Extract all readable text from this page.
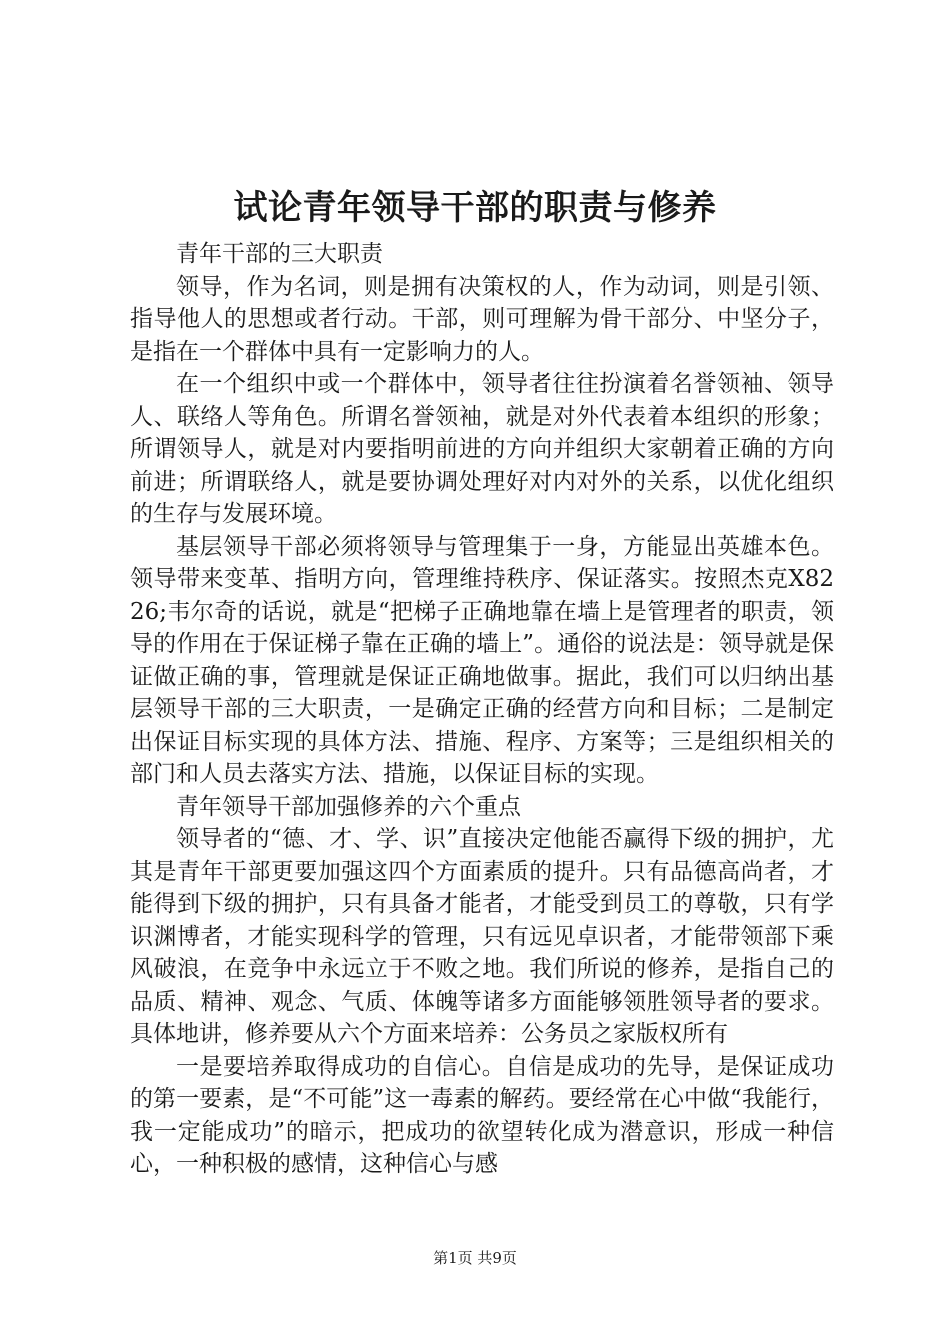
试论青年领导干部的职责与修养

青年干部的三大职责

领导，作为名词，则是拥有决策权的人，作为动词，则是引领、指导他人的思想或者行动。干部，则可理解为骨干部分、中坚分子，是指在一个群体中具有一定影响力的人。

在一个组织中或一个群体中，领导者往往扮演着名誉领袖、领导人、联络人等角色。所谓名誉领袖，就是对外代表着本组织的形象；所谓领导人，就是对内要指明前进的方向并组织大家朝着正确的方向前进；所谓联络人，就是要协调处理好对内对外的关系，以优化组织的生存与发展环境。

基层领导干部必须将领导与管理集于一身，方能显出英雄本色。领导带来变革、指明方向，管理维持秩序、保证落实。按照杰克X8226;韦尔奇的话说，就是“把梯子正确地靠在墙上是管理者的职责，领导的作用在于保证梯子靠在正确的墙上”。通俗的说法是：领导就是保证做正确的事，管理就是保证正确地做事。据此，我们可以归纳出基层领导干部的三大职责，一是确定正确的经营方向和目标；二是制定出保证目标实现的具体方法、措施、程序、方案等；三是组织相关的部门和人员去落实方法、措施，以保证目标的实现。

青年领导干部加强修养的六个重点

领导者的“德、才、学、识”直接决定他能否赢得下级的拥护，尤其是青年干部更要加强这四个方面素质的提升。只有品德高尚者，才能得到下级的拥护，只有具备才能者，才能受到员工的尊敬，只有学识渊博者，才能实现科学的管理，只有远见卓识者，才能带领部下乘风破浪，在竞争中永远立于不败之地。我们所说的修养，是指自己的品质、精神、观念、气质、体魄等诸多方面能够领胜领导者的要求。具体地讲，修养要从六个方面来培养：公务员之家版权所有

一是要培养取得成功的自信心。自信是成功的先导，是保证成功的第一要素，是“不可能”这一毒素的解药。要经常在心中做“我能行，我一定能成功”的暗示，把成功的欲望转化成为潜意识，形成一种信心，一种积极的感情，这种信心与感

第1页 共9页
